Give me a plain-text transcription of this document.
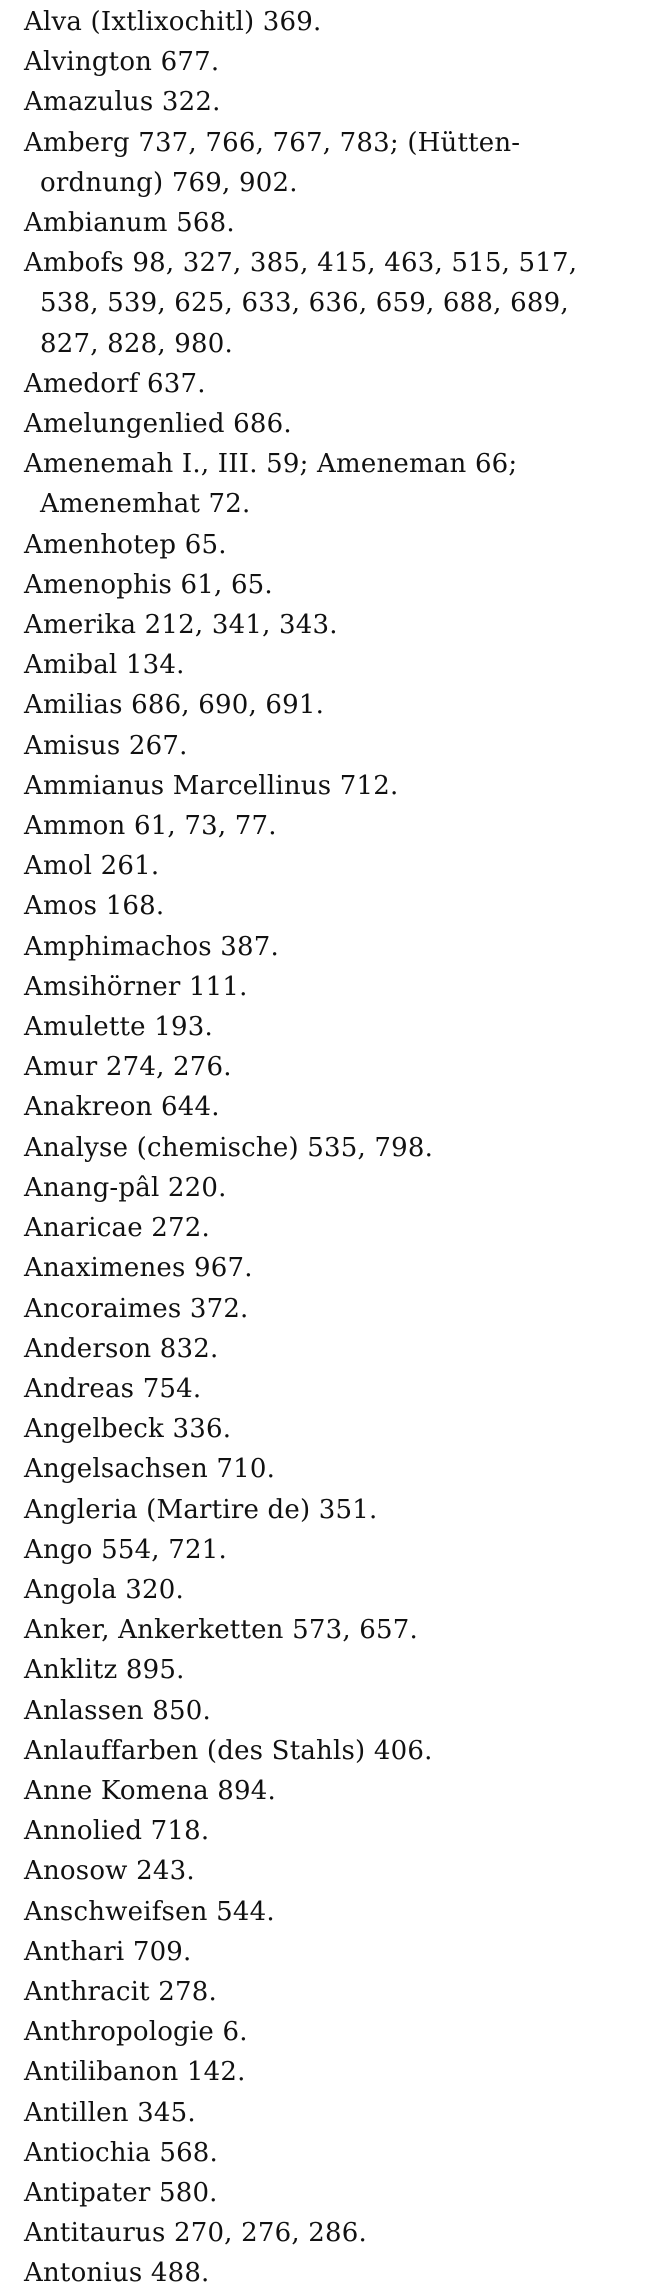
Alva (Ixtlixochitl) 369.
Alvington 677.
Amazulus 322.
Amberg 737, 766, 767, 783; (Hütten-
ordnung) 769, 902.
Ambianum 568.
Ambofs 98, 327, 385, 415, 463, 515, 517,
538, 539, 625, 633, 636, 659, 688, 689,
827, 828, 980.
Amedorf 637.
Amelungenlied 686.
Amenemah I., III. 59; Ameneman 66;
Amenemhat 72.
Amenhotep 65.
Amenophis 61, 65.
Amerika 212, 341, 343.
Amibal 134.
Amilias 686, 690, 691.
Amisus 267.
Ammianus Marcellinus 712.
Ammon 61, 73, 77.
Amol 261.
Amos 168.
Amphimachos 387.
Amsihörner 111.
Amulette 193.
Amur 274, 276.
Anakreon 644.
Analyse (chemische) 535, 798.
Anang-pâl 220.
Anaricae 272.
Anaximenes 967.
Ancoraimes 372.
Anderson 832.
Andreas 754.
Angelbeck 336.
Angelsachsen 710.
Angleria (Martire de) 351.
Ango 554, 721.
Angola 320.
Anker, Ankerketten 573, 657.
Anklitz 895.
Anlassen 850.
Anlauffarben (des Stahls) 406.
Anne Komena 894.
Annolied 718.
Anosow 243.
Anschweifsen 544.
Anthari 709.
Anthracit 278.
Anthropologie 6.
Antilibanon 142.
Antillen 345.
Antiochia 568.
Antipater 580.
Antitaurus 270, 276, 286.
Antonius 488.
